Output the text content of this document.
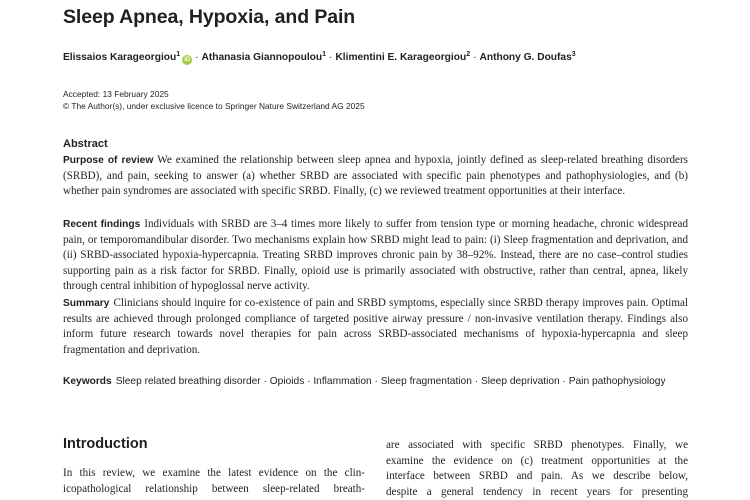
Sleep Apnea, Hypoxia, and Pain
Elissaios Karageorgiou$^1$iD · Athanasia Giannopoulou$^1$ · Klimentini E. Karageorgiou$^2$ · Anthony G. Doufas$^3$
Accepted: 13 February 2025
© The Author(s), under exclusive licence to Springer Nature Switzerland AG 2025
Abstract
Purpose of review We examined the relationship between sleep apnea and hypoxia, jointly defined as sleep-related breathing disorders (SRBD), and pain, seeking to answer (a) whether SRBD are associated with specific pain phenotypes and pathophysiologies, and (b) whether pain syndromes are associated with specific SRBD. Finally, (c) we reviewed treatment opportunities at their interface.
Recent findings Individuals with SRBD are 3–4 times more likely to suffer from tension type or morning headache, chronic widespread pain, or temporomandibular disorder. Two mechanisms explain how SRBD might lead to pain: (i) Sleep fragmentation and deprivation, and (ii) SRBD-associated hypoxia-hypercapnia. Treating SRBD improves chronic pain by 38–92%. Instead, there are no case–control studies supporting pain as a risk factor for SRBD. Finally, opioid use is primarily associated with obstructive, rather than central, apnea, likely through central inhibition of hypoglossal nerve activity.
Summary Clinicians should inquire for co-existence of pain and SRBD symptoms, especially since SRBD therapy improves pain. Optimal results are achieved through prolonged compliance of targeted positive airway pressure / non-invasive ventilation therapy. Findings also inform future research towards novel therapies for pain across SRBD-associated mechanisms of hypoxia-hypercapnia and sleep fragmentation and deprivation.
Keywords Sleep related breathing disorder · Opioids · Inflammation · Sleep fragmentation · Sleep deprivation · Pain pathophysiology
Introduction
In this review, we examine the latest evidence on the clin-
icopathological relationship between sleep-related breath-
are associated with specific SRBD phenotypes. Finally, we
examine the evidence on (c) treatment opportunities at the
interface between SRBD and pain. As we describe below,
despite a general tendency in recent years for presenting
